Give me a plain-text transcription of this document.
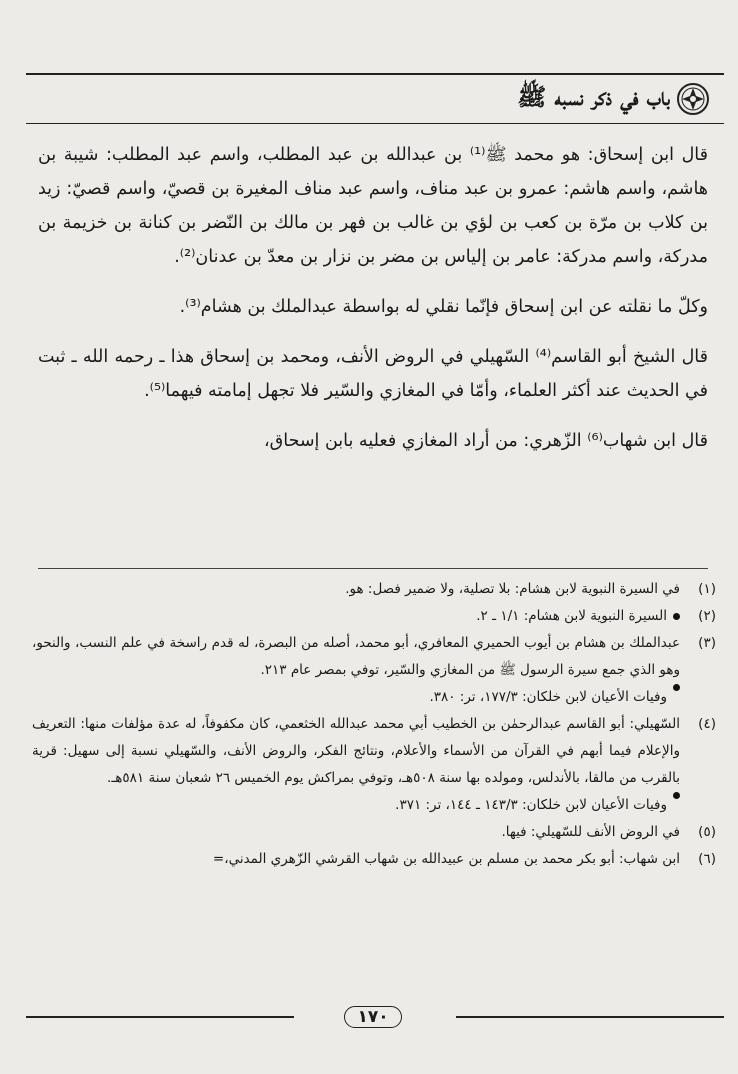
باب في ذكر نسبه ﷺ

قال ابن إسحاق: هو محمد ﷺ⁽¹⁾ بن عبدالله بن عبد المطلب، واسم عبد المطلب: شيبة بن هاشم، واسم هاشم: عمرو بن عبد مناف، واسم عبد مناف المغيرة بن قصيّ، واسم قصيّ: زيد بن كلاب بن مرّة بن كعب بن لؤي بن غالب بن فهر بن مالك بن النّضر بن كنانة بن خزيمة بن مدركة، واسم مدركة: عامر بن إلياس بن مضر بن نزار بن معدّ بن عدنان⁽²⁾.

وكلّ ما نقلته عن ابن إسحاق فإنّما نقلي له بواسطة عبدالملك بن هشام⁽³⁾.

قال الشيخ أبو القاسم⁽⁴⁾ السّهيلي في الروض الأنف، ومحمد بن إسحاق هذا ـ رحمه الله ـ ثبت في الحديث عند أكثر العلماء، وأمّا في المغازي والسّير فلا تجهل إمامته فيهما⁽⁵⁾.

قال ابن شهاب⁽⁶⁾ الزّهري: من أراد المغازي فعليه بابن إسحاق،

(١)
في السيرة النبوية لابن هشام: بلا تصلية، ولا ضمير فصل: هو.
(٢)
السيرة النبوية لابن هشام: ١/١ ـ ٢.
(٣)
عبدالملك بن هشام بن أيوب الحميري المعافري، أبو محمد، أصله من البصرة، له قدم راسخة في علم النسب، والنحو، وهو الذي جمع سيرة الرسول ﷺ من المغازي والسّير، توفي بمصر عام ٢١٣.
وفيات الأعيان لابن خلكان: ١٧٧/٣، تر: ٣٨٠.
(٤)
السّهيلي: أبو القاسم عبدالرحمٰن بن الخطيب أبي محمد عبدالله الخثعمي، كان مكفوفاً، له عدة مؤلفات منها: التعريف والإعلام فيما أبهم في القرآن من الأسماء والأعلام، ونتائج الفكر، والروض الأنف، والسّهيلي نسبة إلى سهيل: قرية بالقرب من مالقا، بالأندلس، ومولده بها سنة ٥٠٨هـ، وتوفي بمراكش يوم الخميس ٢٦ شعبان سنة ٥٨١هـ.
وفيات الأعيان لابن خلكان: ١٤٣/٣ ـ ١٤٤، تر: ٣٧١.
(٥)
في الروض الأنف للسّهيلي: فيها.
(٦)
ابن شهاب: أبو بكر محمد بن مسلم بن عبيدالله بن شهاب القرشي الزّهري المدني،=
١٧٠
